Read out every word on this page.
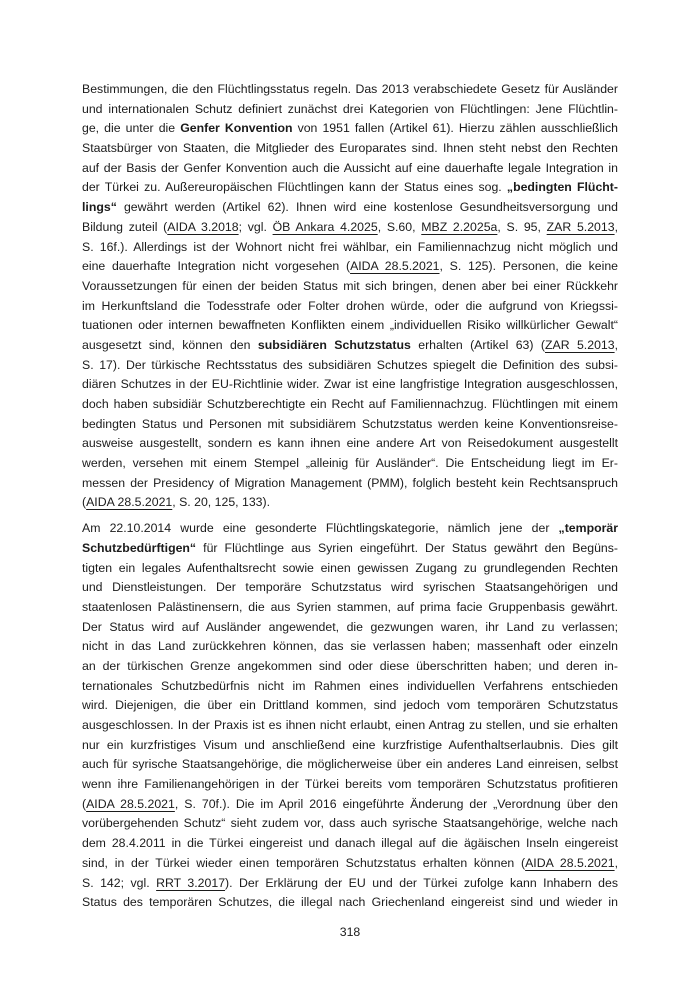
Bestimmungen, die den Flüchtlingsstatus regeln. Das 2013 verabschiedete Gesetz für Ausländer
und internationalen Schutz definiert zunächst drei Kategorien von Flüchtlingen: Jene Flüchtlin-
ge, die unter die Genfer Konvention von 1951 fallen (Artikel 61). Hierzu zählen ausschließlich
Staatsbürger von Staaten, die Mitglieder des Europarates sind. Ihnen steht nebst den Rechten
auf der Basis der Genfer Konvention auch die Aussicht auf eine dauerhafte legale Integration in
der Türkei zu. Außereuropäischen Flüchtlingen kann der Status eines sog. „bedingten Flücht-
lings“ gewährt werden (Artikel 62). Ihnen wird eine kostenlose Gesundheitsversorgung und
Bildung zuteil (AIDA 3.2018; vgl. ÖB Ankara 4.2025, S.60, MBZ 2.2025a, S. 95, ZAR 5.2013,
S. 16f.). Allerdings ist der Wohnort nicht frei wählbar, ein Familiennachzug nicht möglich und
eine dauerhafte Integration nicht vorgesehen (AIDA 28.5.2021, S. 125). Personen, die keine
Voraussetzungen für einen der beiden Status mit sich bringen, denen aber bei einer Rückkehr
im Herkunftsland die Todesstrafe oder Folter drohen würde, oder die aufgrund von Kriegssi-
tuationen oder internen bewaffneten Konflikten einem „individuellen Risiko willkürlicher Gewalt“
ausgesetzt sind, können den subsidiären Schutzstatus erhalten (Artikel 63) (ZAR 5.2013,
S. 17). Der türkische Rechtsstatus des subsidiären Schutzes spiegelt die Definition des subsi-
diären Schutzes in der EU-Richtlinie wider. Zwar ist eine langfristige Integration ausgeschlossen,
doch haben subsidiär Schutzberechtigte ein Recht auf Familiennachzug. Flüchtlingen mit einem
bedingten Status und Personen mit subsidiärem Schutzstatus werden keine Konventionsreise-
ausweise ausgestellt, sondern es kann ihnen eine andere Art von Reisedokument ausgestellt
werden, versehen mit einem Stempel „alleinig für Ausländer“. Die Entscheidung liegt im Er-
messen der Presidency of Migration Management (PMM), folglich besteht kein Rechtsanspruch
(AIDA 28.5.2021, S. 20, 125, 133).
Am 22.10.2014 wurde eine gesonderte Flüchtlingskategorie, nämlich jene der „temporär
Schutzbedürftigen“ für Flüchtlinge aus Syrien eingeführt. Der Status gewährt den Begüns-
tigten ein legales Aufenthaltsrecht sowie einen gewissen Zugang zu grundlegenden Rechten
und Dienstleistungen. Der temporäre Schutzstatus wird syrischen Staatsangehörigen und
staatenlosen Palästinensern, die aus Syrien stammen, auf prima facie Gruppenbasis gewährt.
Der Status wird auf Ausländer angewendet, die gezwungen waren, ihr Land zu verlassen;
nicht in das Land zurückkehren können, das sie verlassen haben; massenhaft oder einzeln
an der türkischen Grenze angekommen sind oder diese überschritten haben; und deren in-
ternationales Schutzbedürfnis nicht im Rahmen eines individuellen Verfahrens entschieden
wird. Diejenigen, die über ein Drittland kommen, sind jedoch vom temporären Schutzstatus
ausgeschlossen. In der Praxis ist es ihnen nicht erlaubt, einen Antrag zu stellen, und sie erhalten
nur ein kurzfristiges Visum und anschließend eine kurzfristige Aufenthaltserlaubnis. Dies gilt
auch für syrische Staatsangehörige, die möglicherweise über ein anderes Land einreisen, selbst
wenn ihre Familienangehörigen in der Türkei bereits vom temporären Schutzstatus profitieren
(AIDA 28.5.2021, S. 70f.). Die im April 2016 eingeführte Änderung der „Verordnung über den
vorübergehenden Schutz“ sieht zudem vor, dass auch syrische Staatsangehörige, welche nach
dem 28.4.2011 in die Türkei eingereist und danach illegal auf die ägäischen Inseln eingereist
sind, in der Türkei wieder einen temporären Schutzstatus erhalten können (AIDA 28.5.2021,
S. 142; vgl. RRT 3.2017). Der Erklärung der EU und der Türkei zufolge kann Inhabern des
Status des temporären Schutzes, die illegal nach Griechenland eingereist sind und wieder in
318
